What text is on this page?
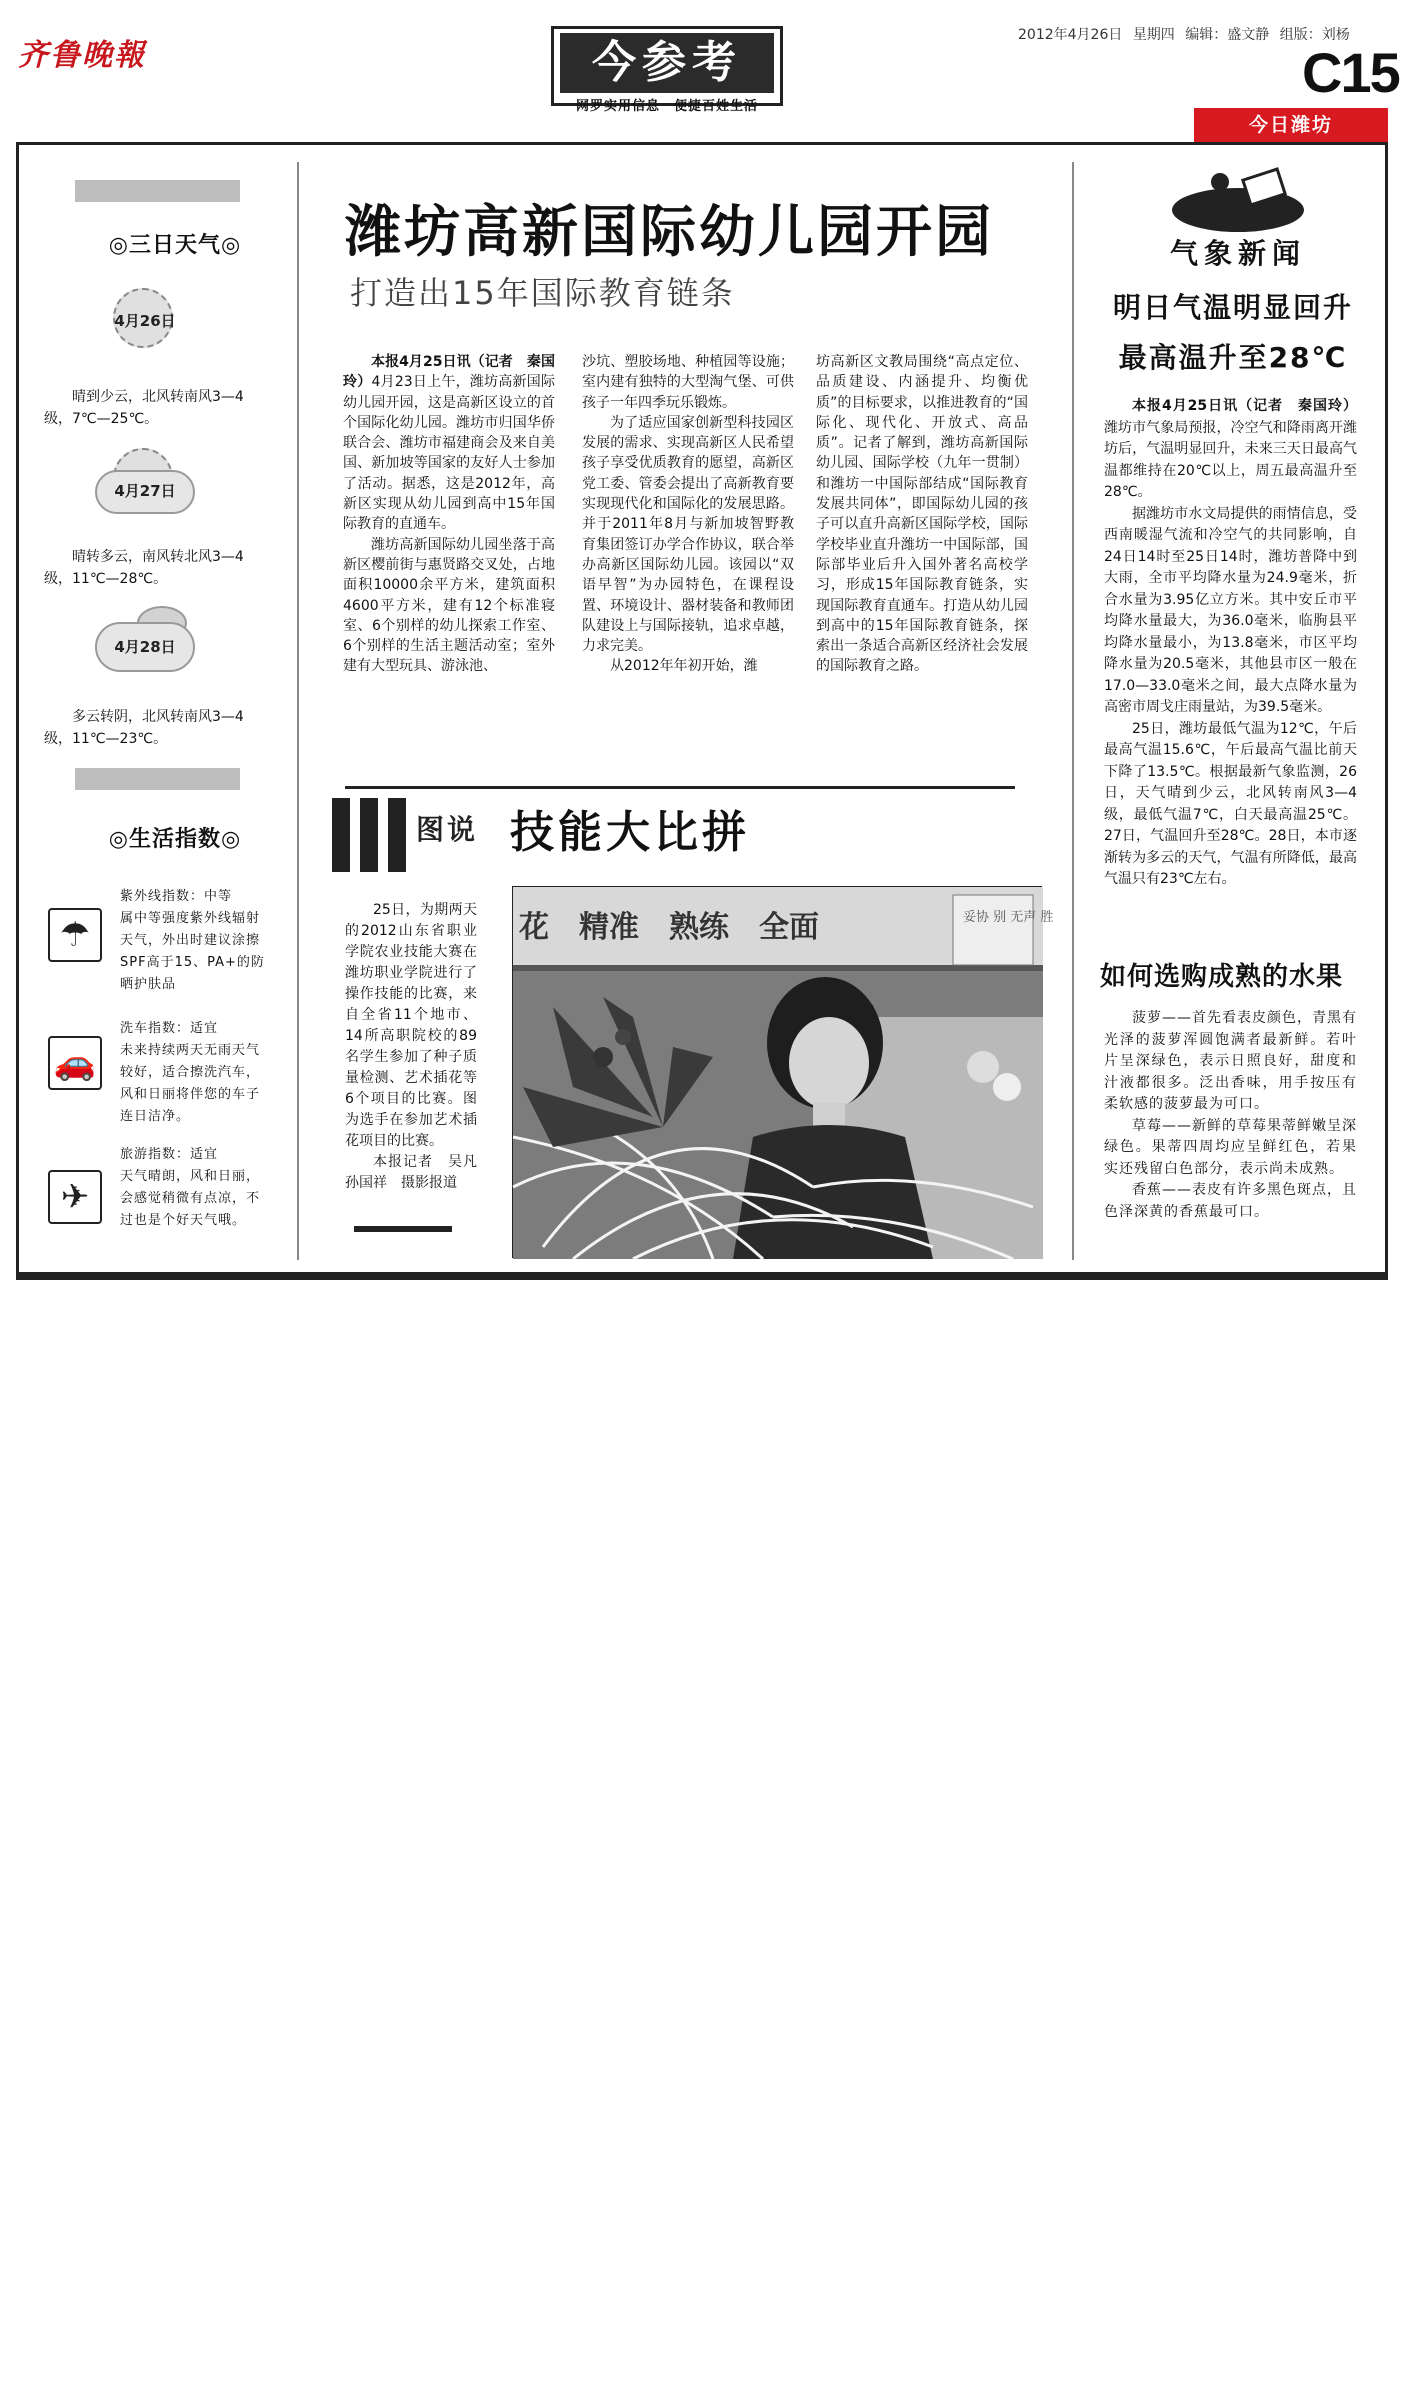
齐鲁晚報	今参考
网罗实用信息　便捷百姓生活
2012年4月26日 星期四 编辑：盛文静 组版：刘杨
C15
今日潍坊
◎三日天气◎
4月26日
晴到少云，北风转南风3—4级，7℃—25℃。
4月27日
晴转多云，南风转北风3—4级，11℃—28℃。
4月28日
多云转阴，北风转南风3—4级，11℃—23℃。
◎生活指数◎
☂
紫外线指数：中等
属中等强度紫外线辐射天气，外出时建议涂擦SPF高于15、PA+的防晒护肤品
🚗
洗车指数：适宜
未来持续两天无雨天气较好，适合擦洗汽车，风和日丽将伴您的车子连日洁净。
✈
旅游指数：适宜
天气晴朗，风和日丽，会感觉稍微有点凉，不过也是个好天气哦。
潍坊高新国际幼儿园开园
打造出15年国际教育链条

本报4月25日讯（记者　秦国玲）4月23日上午，潍坊高新国际幼儿园开园，这是高新区设立的首个国际化幼儿园。潍坊市归国华侨联合会、潍坊市福建商会及来自美国、新加坡等国家的友好人士参加了活动。据悉，这是2012年，高新区实现从幼儿园到高中15年国际教育的直通车。

潍坊高新国际幼儿园坐落于高新区樱前街与惠贤路交叉处，占地面积10000余平方米，建筑面积4600平方米，建有12个标准寝室、6个别样的幼儿探索工作室、6个别样的生活主题活动室；室外建有大型玩具、游泳池、

沙坑、塑胶场地、种植园等设施；室内建有独特的大型淘气堡、可供孩子一年四季玩乐锻炼。

为了适应国家创新型科技园区发展的需求、实现高新区人民希望孩子享受优质教育的愿望，高新区党工委、管委会提出了高新教育要实现现代化和国际化的发展思路。并于2011年8月与新加坡智野教育集团签订办学合作协议，联合举办高新区国际幼儿园。该园以“双语早智”为办园特色，在课程设置、环境设计、器材装备和教师团队建设上与国际接轨，追求卓越，力求完美。

从2012年年初开始，潍

坊高新区文教局围绕“高点定位、品质建设、内涵提升、均衡优质”的目标要求，以推进教育的“国际化、现代化、开放式、高品质”。记者了解到，潍坊高新国际幼儿园、国际学校（九年一贯制）和潍坊一中国际部结成“国际教育发展共同体”，即国际幼儿园的孩子可以直升高新区国际学校，国际学校毕业直升潍坊一中国际部，国际部毕业后升入国外著名高校学习，形成15年国际教育链条，实现国际教育直通车。打造从幼儿园到高中的15年国际教育链条，探索出一条适合高新区经济社会发展的国际教育之路。

图说 技能大比拼

25日，为期两天的2012山东省职业学院农业技能大赛在潍坊职业学院进行了操作技能的比赛，来自全省11个地市、14所高职院校的89名学生参加了种子质量检测、艺术插花等6个项目的比赛。图为选手在参加艺术插花项目的比赛。

本报记者　吴凡　孙国祥　摄影报道

花　精准　熟练　全面	妥协 别 无声 胜
气象新闻
明日气温明显回升
最高温升至28℃

本报4月25日讯（记者　秦国玲）潍坊市气象局预报，冷空气和降雨离开潍坊后，气温明显回升，未来三天日最高气温都维持在20℃以上，周五最高温升至28℃。

据潍坊市水文局提供的雨情信息，受西南暖湿气流和冷空气的共同影响，自24日14时至25日14时，潍坊普降中到大雨，全市平均降水量为24.9毫米，折合水量为3.95亿立方米。其中安丘市平均降水量最大，为36.0毫米，临朐县平均降水量最小，为13.8毫米，市区平均降水量为20.5毫米，其他县市区一般在17.0—33.0毫米之间，最大点降水量为高密市周戈庄雨量站，为39.5毫米。

25日，潍坊最低气温为12℃，午后最高气温15.6℃，午后最高气温比前天下降了13.5℃。根据最新气象监测，26日，天气晴到少云，北风转南风3—4级，最低气温7℃，白天最高温25℃。27日，气温回升至28℃。28日，本市逐渐转为多云的天气，气温有所降低，最高气温只有23℃左右。

如何选购成熟的水果

菠萝——首先看表皮颜色，青黑有光泽的菠萝浑圆饱满者最新鲜。若叶片呈深绿色，表示日照良好，甜度和汁液都很多。泛出香味，用手按压有柔软感的菠萝最为可口。

草莓——新鲜的草莓果蒂鲜嫩呈深绿色。果蒂四周均应呈鲜红色，若果实还残留白色部分，表示尚未成熟。

香蕉——表皮有许多黑色斑点，且色泽深黄的香蕉最可口。
